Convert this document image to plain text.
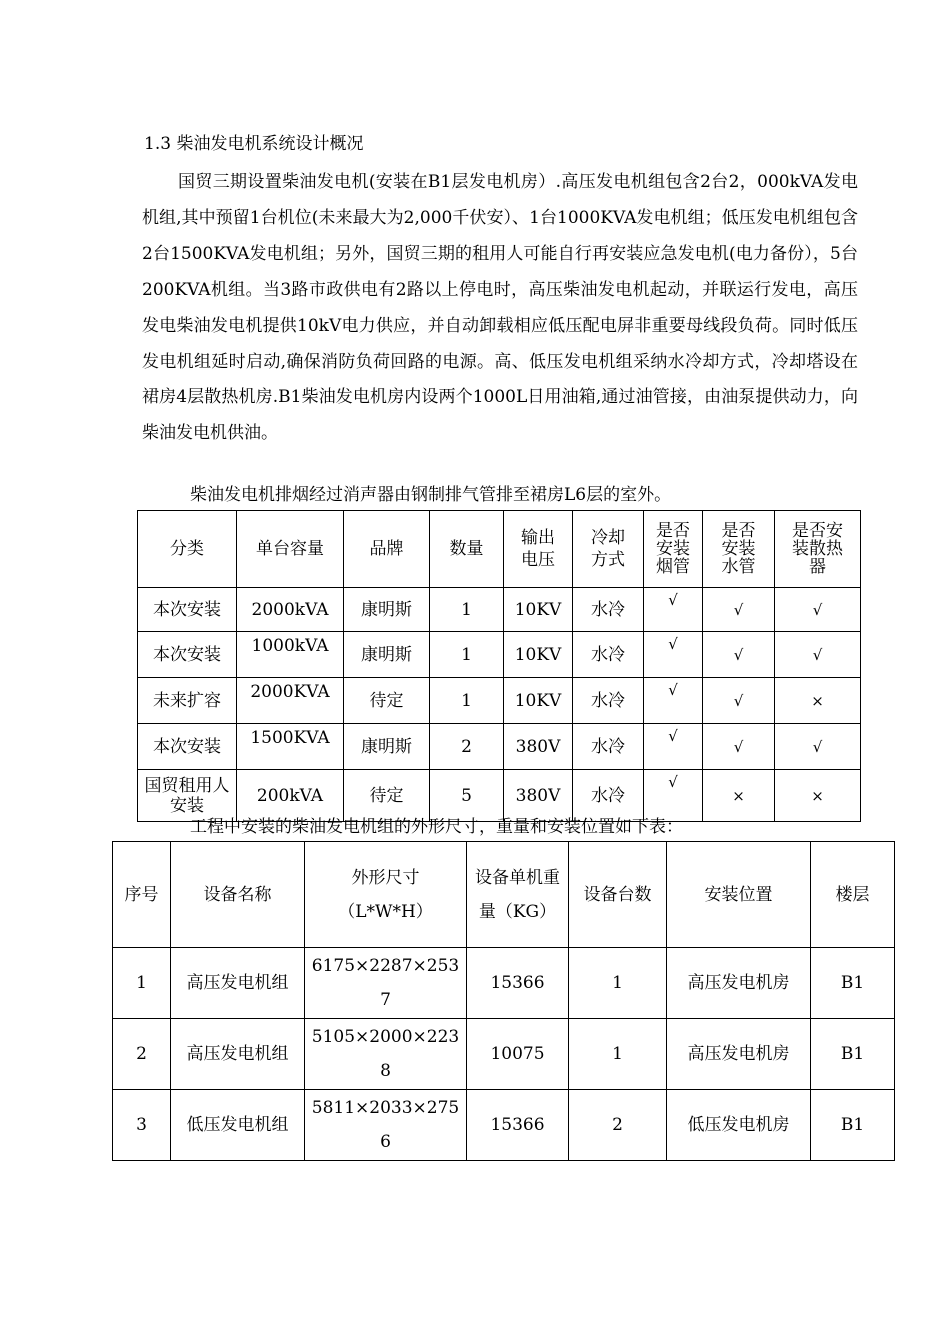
1.3 柴油发电机系统设计概况
国贸三期设置柴油发电机(安装在B1层发电机房）.高压发电机组包含2台2，000kVA发电机组,其中预留1台机位(未来最大为2,000千伏安）、1台1000KVA发电机组；低压发电机组包含2台1500KVA发电机组；另外，国贸三期的租用人可能自行再安装应急发电机(电力备份），5台200KVA机组。当3路市政供电有2路以上停电时，高压柴油发电机起动，并联运行发电，高压发电柴油发电机提供10kV电力供应，并自动卸载相应低压配电屏非重要母线段负荷。同时低压发电机组延时启动,确保消防负荷回路的电源。高、低压发电机组采纳水冷却方式，冷却塔设在裙房4层散热机房.B1柴油发电机房内设两个1000L日用油箱,通过油管接，由油泵提供动力，向柴油发电机供油。
柴油发电机排烟经过消声器由钢制排气管排至裙房L6层的室外。
分类	单台容量	品牌	数量	输出电压	冷却方式	是否安装烟管	是否安装水管	是否安装散热器
本次安装	2000kVA	康明斯	1	10KV	水冷	√	√	√
本次安装	1000kVA	康明斯	1	10KV	水冷	√	√	√
未来扩容	2000KVA	待定	1	10KV	水冷	√	√	×
本次安装	1500KVA	康明斯	2	380V	水冷	√	√	√
国贸租用人安装	200kVA	待定	5	380V	水冷	√	×	×
工程中安装的柴油发电机组的外形尺寸，重量和安装位置如下表：
序号	设备名称	外形尺寸（L*W*H）	设备单机重量（KG）	设备台数	安装位置	楼层
1	高压发电机组	6175×2287×2537	15366	1	高压发电机房	B1
2	高压发电机组	5105×2000×2238	10075	1	高压发电机房	B1
3	低压发电机组	5811×2033×2756	15366	2	低压发电机房	B1
